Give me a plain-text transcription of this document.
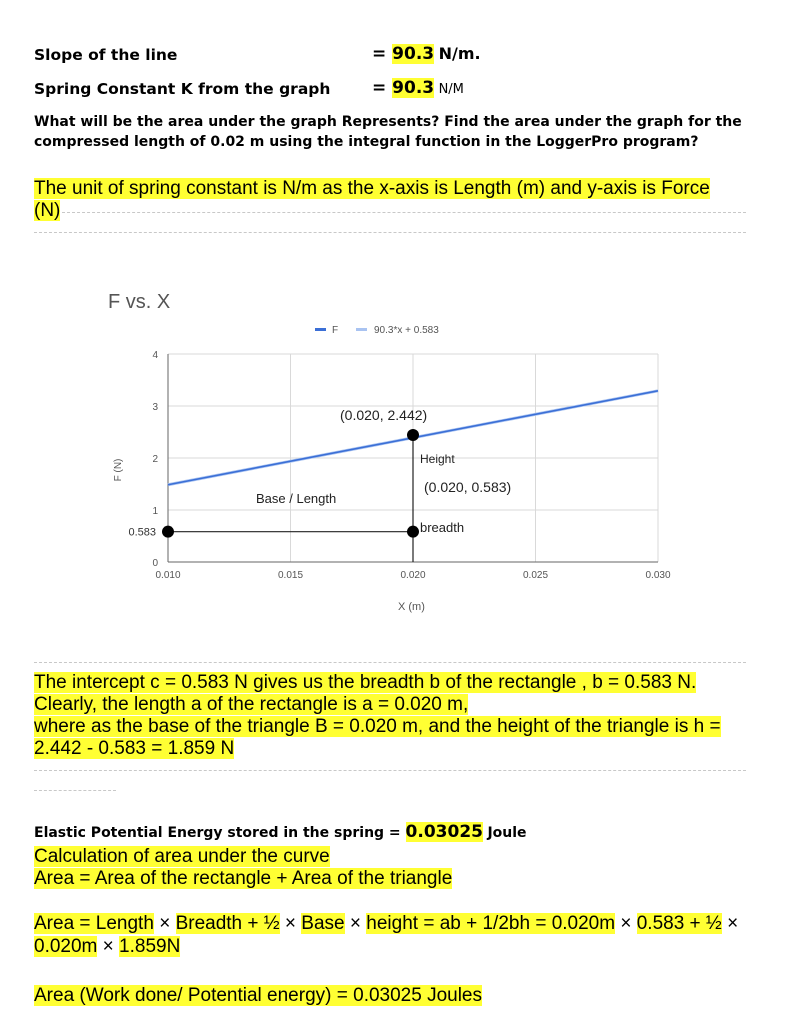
Slope of the line	= 90.3 N/m.
Spring Constant K from the graph = 90.3 N/M
What will be the area under the graph Represents? Find the area under the graph for the
compressed length of 0.02 m using the integral function in the LoggerPro program?
The unit of spring constant is N/m as the x-axis is Length (m) and y-axis is Force
(N)
F vs. X
F	90.3*x + 0.583
0.010	0.015	0.020	0.025	0.030
0
1
2
3
4
0.583
(0.020, 2.442)
(0.020, 0.583)
Height
Base / Length
breadth
X (m)
F (N)
The intercept c = 0.583 N gives us the breadth b of the rectangle , b = 0.583 N.
Clearly, the length a of the rectangle is a = 0.020 m,
where as the base of the triangle B = 0.020 m, and the height of the triangle is h =
2.442 - 0.583 = 1.859 N
Elastic Potential Energy stored in the spring = 0.03025 Joule
Calculation of area under the curve
Area = Area of the rectangle + Area of the triangle
Area = Length × Breadth + ½ × Base × height = ab + 1/2bh = 0.020m × 0.583 + ½ ×
0.020m × 1.859N
Area (Work done/ Potential energy) = 0.03025 Joules
